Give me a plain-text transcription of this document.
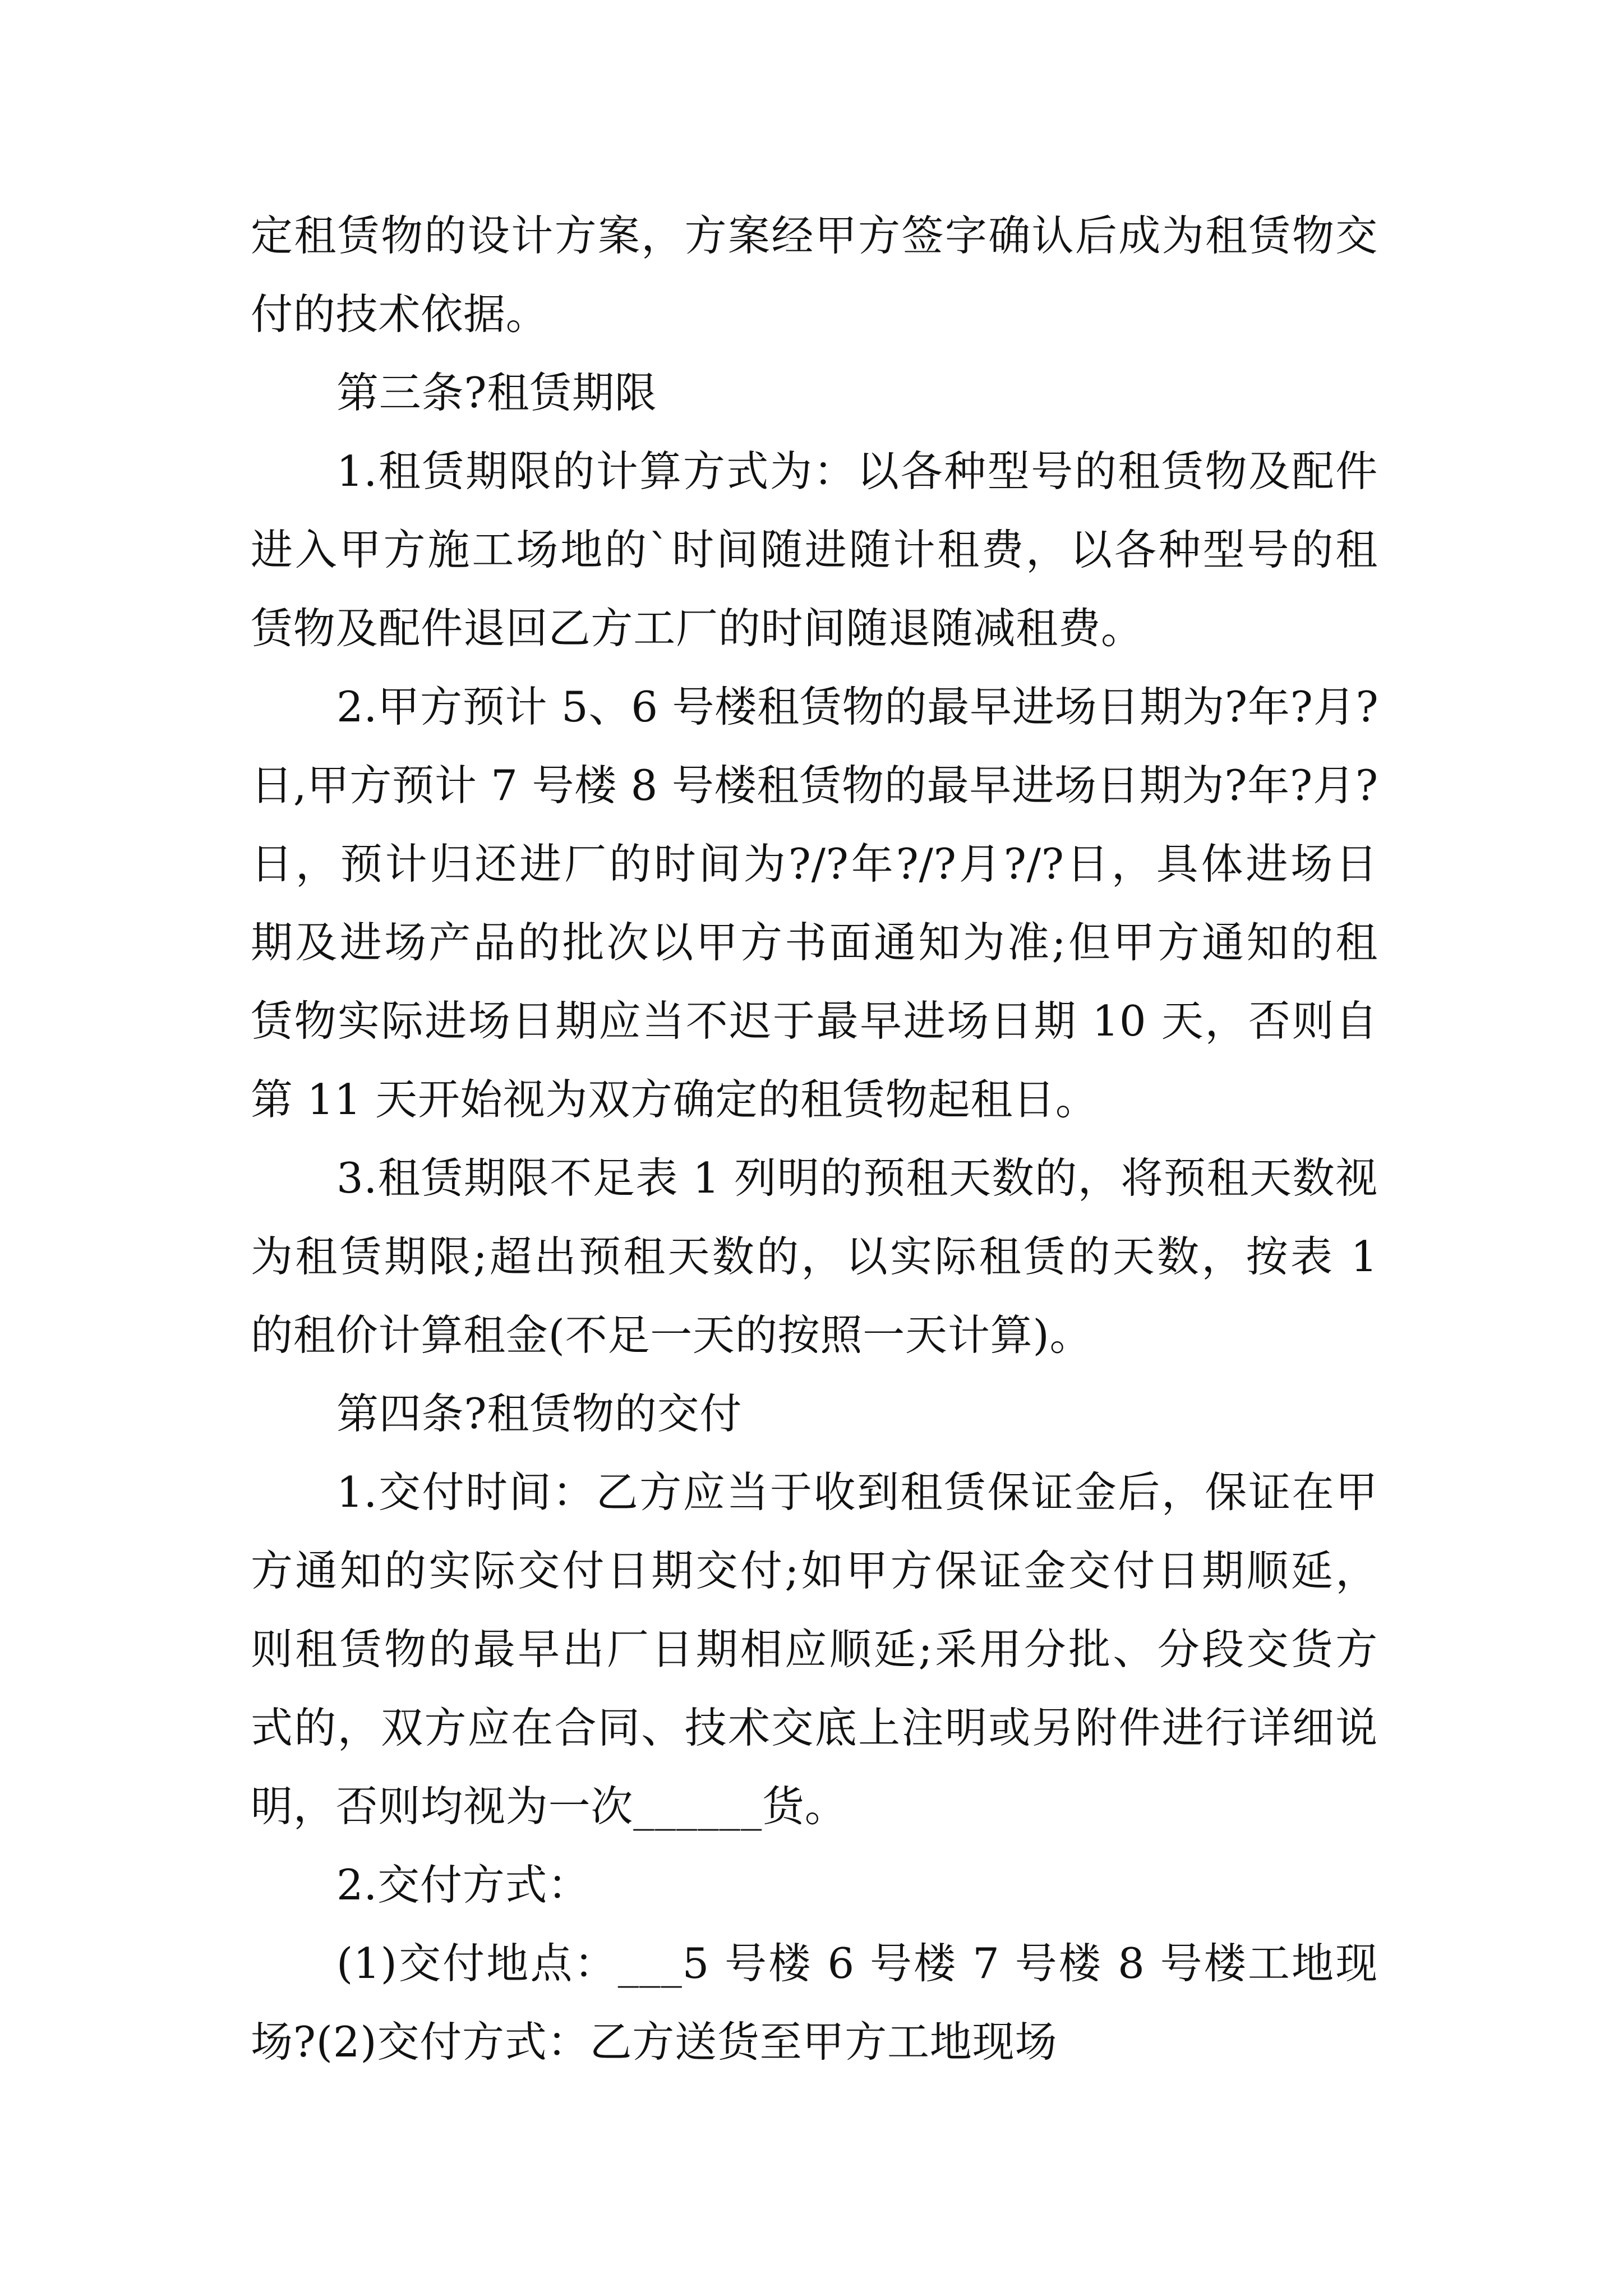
定租赁物的设计方案，方案经甲方签字确认后成为租赁物交

付的技术依据。

第三条?租赁期限

1.租赁期限的计算方式为：以各种型号的租赁物及配件

进入甲方施工场地的`时间随进随计租费，以各种型号的租

赁物及配件退回乙方工厂的时间随退随减租费。

2.甲方预计 5、6 号楼租赁物的最早进场日期为?年?月?

日,甲方预计 7 号楼 8 号楼租赁物的最早进场日期为?年?月?

日，预计归还进厂的时间为?/?年?/?月?/?日，具体进场日

期及进场产品的批次以甲方书面通知为准;但甲方通知的租

赁物实际进场日期应当不迟于最早进场日期 10 天，否则自

第 11 天开始视为双方确定的租赁物起租日。

3.租赁期限不足表 1 列明的预租天数的，将预租天数视

为租赁期限;超出预租天数的，以实际租赁的天数，按表 1

的租价计算租金(不足一天的按照一天计算)。

第四条?租赁物的交付

1.交付时间：乙方应当于收到租赁保证金后，保证在甲

方通知的实际交付日期交付;如甲方保证金交付日期顺延，

则租赁物的最早出厂日期相应顺延;采用分批、分段交货方

式的，双方应在合同、技术交底上注明或另附件进行详细说

明，否则均视为一次______货。

2.交付方式：

(1)交付地点：___5 号楼 6 号楼 7 号楼 8 号楼工地现

场?(2)交付方式：乙方送货至甲方工地现场
